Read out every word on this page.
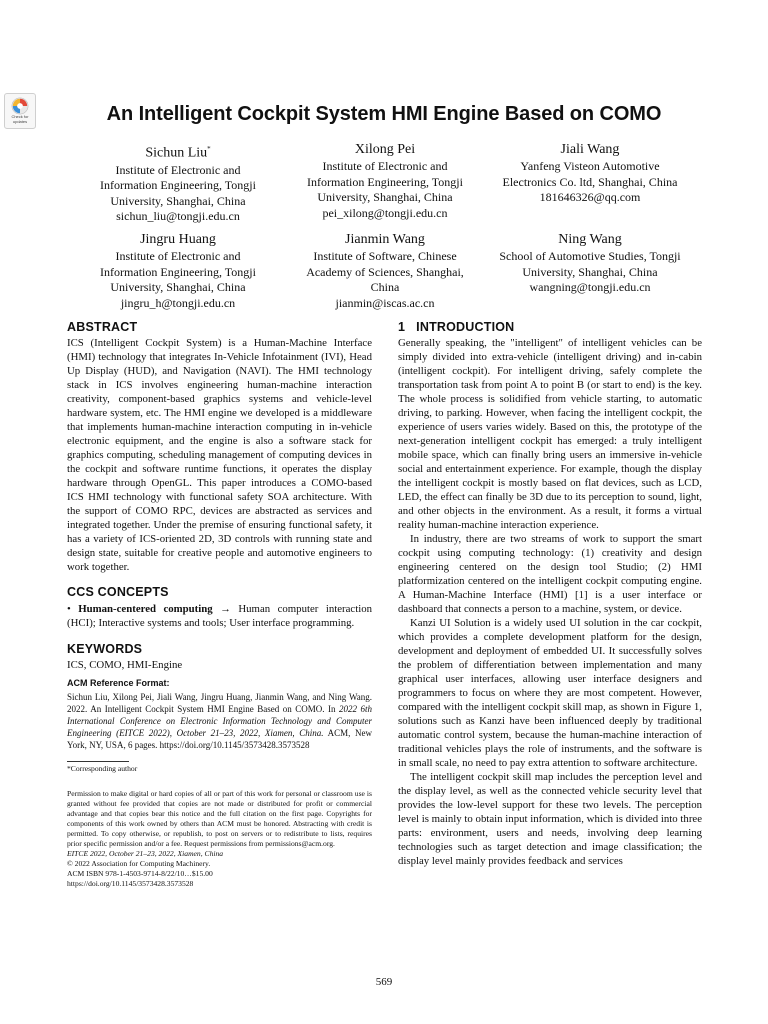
Check for
updates	An Intelligent Cockpit System HMI Engine Based on COMO
Sichun Liu*
Institute of Electronic and
Information Engineering, Tongji
University, Shanghai, China
sichun_liu@tongji.edu.cn
Xilong Pei
Institute of Electronic and
Information Engineering, Tongji
University, Shanghai, China
pei_xilong@tongji.edu.cn
Jiali Wang
Yanfeng Visteon Automotive
Electronics Co. ltd, Shanghai, China
181646326@qq.com
Jingru Huang
Institute of Electronic and
Information Engineering, Tongji
University, Shanghai, China
jingru_h@tongji.edu.cn
Jianmin Wang
Institute of Software, Chinese
Academy of Sciences, Shanghai,
China
jianmin@iscas.ac.cn
Ning Wang
School of Automotive Studies, Tongji
University, Shanghai, China
wangning@tongji.edu.cn
ABSTRACT

ICS (Intelligent Cockpit System) is a Human-Machine Interface (HMI) technology that integrates In-Vehicle Infotainment (IVI), Head Up Display (HUD), and Navigation (NAVI). The HMI technology stack in ICS involves engineering human-machine interaction creativity, component-based graphics systems and vehicle-level hardware system, etc. The HMI engine we developed is a middleware that implements human-machine interaction computing in in-vehicle electronic equipment, and the engine is also a software stack for graphics computing, scheduling management of computing devices in the cockpit and software runtime functions, it operates the display hardware through OpenGL. This paper introduces a COMO-based ICS HMI technology with functional safety SOA architecture. With the support of COMO RPC, devices are abstracted as services and integrated together. Under the premise of ensuring functional safety, it has a variety of ICS-oriented 2D, 3D controls with running state and design state, suitable for creative people and automotive engineers to work together.

CCS CONCEPTS

• Human-centered computing → Human computer interaction (HCI); Interactive systems and tools; User interface programming.

KEYWORDS

ICS, COMO, HMI-Engine

ACM Reference Format:

Sichun Liu, Xilong Pei, Jiali Wang, Jingru Huang, Jianmin Wang, and Ning Wang. 2022. An Intelligent Cockpit System HMI Engine Based on COMO. In 2022 6th International Conference on Electronic Information Technology and Computer Engineering (EITCE 2022), October 21–23, 2022, Xiamen, China. ACM, New York, NY, USA, 6 pages. https://doi.org/10.1145/3573428.3573528

*Corresponding author

Permission to make digital or hard copies of all or part of this work for personal or classroom use is granted without fee provided that copies are not made or distributed for profit or commercial advantage and that copies bear this notice and the full citation on the first page. Copyrights for components of this work owned by others than ACM must be honored. Abstracting with credit is permitted. To copy otherwise, or republish, to post on servers or to redistribute to lists, requires prior specific permission and/or a fee. Request permissions from permissions@acm.org.

EITCE 2022, October 21–23, 2022, Xiamen, China
© 2022 Association for Computing Machinery.
ACM ISBN 978-1-4503-9714-8/22/10…$15.00
https://doi.org/10.1145/3573428.3573528
1   INTRODUCTION

Generally speaking, the "intelligent" of intelligent vehicles can be simply divided into extra-vehicle (intelligent driving) and in-cabin (intelligent cockpit). For intelligent driving, safely complete the transportation task from point A to point B (or start to end) is the key. The whole process is solidified from vehicle starting, to automatic driving, to parking. However, when facing the intelligent cockpit, the experience of users varies widely. Based on this, the prototype of the next-generation intelligent cockpit has emerged: a truly intelligent mobile space, which can finally bring users an immersive in-vehicle social and entertainment experience. For example, though the display the intelligent cockpit is mostly based on flat devices, such as LCD, LED, the effect can finally be 3D due to its perception to sound, light, and other objects in the environment. As a result, it forms a virtual reality human-machine interaction experience.

In industry, there are two streams of work to support the smart cockpit using computing technology: (1) creativity and design engineering centered on the design tool Studio; (2) HMI platformization centered on the intelligent cockpit computing engine. A Human-Machine Interface (HMI) [1] is a user interface or dashboard that connects a person to a machine, system, or device.

Kanzi UI Solution is a widely used UI solution in the car cockpit, which provides a complete development platform for the design, development and deployment of embedded UI. It successfully solves the problem of differentiation between implementation and many graphical user interfaces, allowing user interface designers and programmers to focus on where they are most competent. However, compared with the intelligent cockpit skill map, as shown in Figure 1, solutions such as Kanzi have been influenced deeply by traditional automatic control system, because the human-machine interaction of traditional vehicles plays the role of instruments, and the software is in small scale, no need to pay extra attention to software architecture.

The intelligent cockpit skill map includes the perception level and the display level, as well as the connected vehicle security level that provides the low-level support for these two levels. The perception level is mainly to obtain input information, which is divided into three parts: environment, users and needs, involving deep learning technologies such as target detection and image classification; the display level mainly provides feedback and services

569
